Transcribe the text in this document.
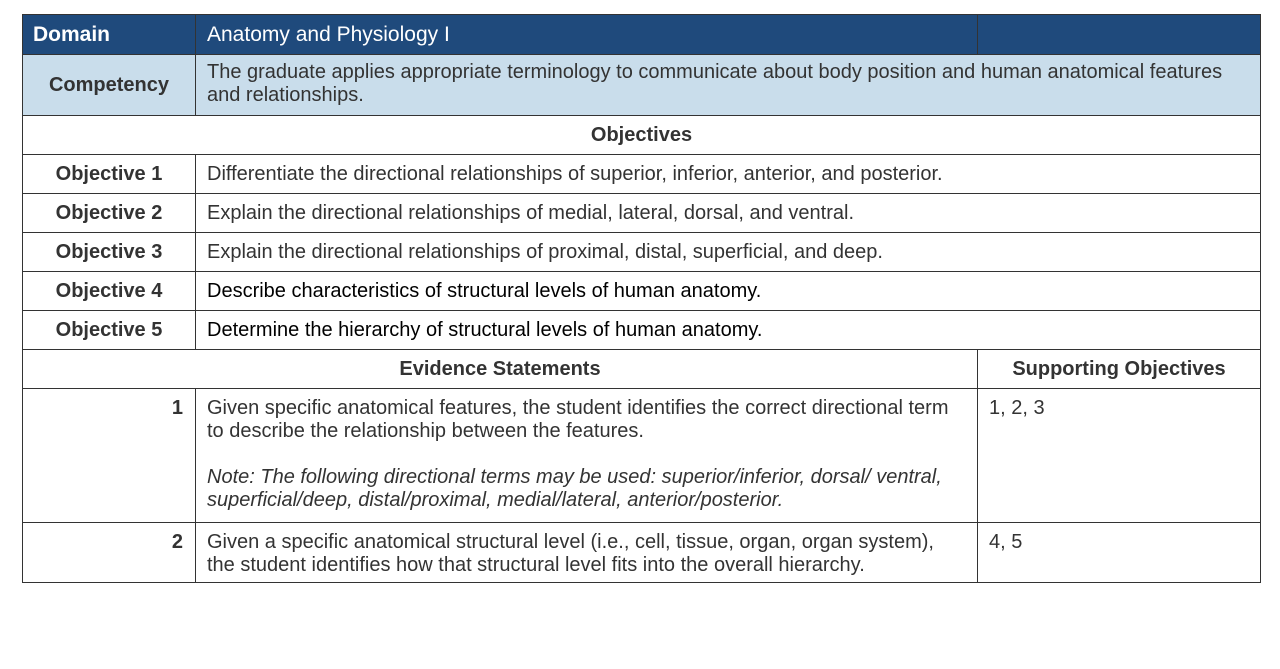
Domain	Anatomy and Physiology I	
Competency	The graduate applies appropriate terminology to communicate about body position and human anatomical features and relationships.	
Objectives		
Objective 1	Differentiate the directional relationships of superior, inferior, anterior, and posterior.	
Objective 2	Explain the directional relationships of medial, lateral, dorsal, and ventral.	
Objective 3	Explain the directional relationships of proximal, distal, superficial, and deep.	
Objective 4	Describe characteristics of structural levels of human anatomy.	
Objective 5	Determine the hierarchy of structural levels of human anatomy.	
Evidence Statements		Supporting Objectives
1	Given specific anatomical features, the student identifies the correct directional term to describe the relationship between the features.
Note: The following directional terms may be used: superior/inferior, dorsal/ ventral, superficial/deep, distal/proximal, medial/lateral, anterior/posterior.	1, 2, 3
2	Given a specific anatomical structural level (i.e., cell, tissue, organ, organ system), the student identifies how that structural level fits into the overall hierarchy.	4, 5
